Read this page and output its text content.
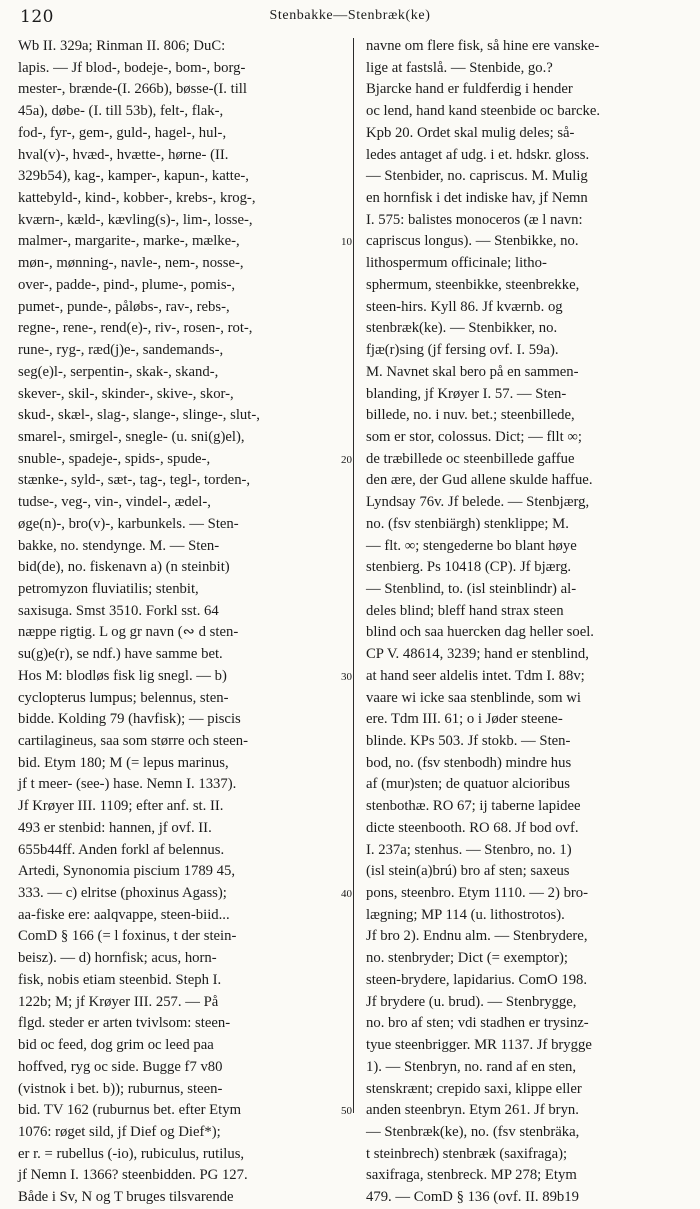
120	Stenbakke—Stenbræk(ke)
Wb II. 329a; Rinman II. 806; DuC:
lapis. — Jf blod-, bodeje-, bom-, borg-
mester-, brænde-(I. 266b), bøsse-(I. till
45a), døbe- (I. till 53b), felt-, flak-,
fod-, fyr-, gem-, guld-, hagel-, hul-,
hval(v)-, hvæd-, hvætte-, hørne- (II.
329b54), kag-, kamper-, kapun-, katte-,
kattebyld-, kind-, kobber-, krebs-, krog-,
kværn-, kæld-, kævling(s)-, lim-, losse-,
malmer-, margarite-, marke-, mælke-,
møn-, mønning-, navle-, nem-, nosse-,
over-, padde-, pind-, plume-, pomis-,
pumet-, punde-, påløbs-, rav-, rebs-,
regne-, rene-, rend(e)-, riv-, rosen-, rot-,
rune-, ryg-, ræd(j)e-, sandemands-,
seg(e)l-, serpentin-, skak-, skand-,
skever-, skil-, skinder-, skive-, skor-,
skud-, skæl-, slag-, slange-, slinge-, slut-,
smarel-, smirgel-, snegle- (u. sni(g)el),
snuble-, spadeje-, spids-, spude-,
stænke-, syld-, sæt-, tag-, tegl-, torden-,
tudse-, veg-, vin-, vindel-, ædel-,
øge(n)-, bro(v)-, karbunkels. — Sten-
bakke, no. stendynge. M. — Sten-
bid(de), no. fiskenavn a) (n steinbit)
petromyzon fluviatilis; stenbit,
saxisuga. Smst 3510. Forkl sst. 64
næppe rigtig. L og gr navn (∾ d sten-
su(g)e(r), se ndf.) have samme bet.
Hos M: blodløs fisk lig snegl. — b)
cyclopterus lumpus; belennus, sten-
bidde. Kolding 79 (havfisk); — piscis
cartilagineus, saa som større och steen-
bid. Etym 180; M (= lepus marinus,
jf t meer- (see-) hase. Nemn I. 1337).
Jf Krøyer III. 1109; efter anf. st. II.
493 er stenbid: hannen, jf ovf. II.
655b44ff. Anden forkl af belennus.
Artedi, Synonomia piscium 1789 45,
333. — c) elritse (phoxinus Agass);
aa-fiske ere: aalqvappe, steen-biid...
ComD § 166 (= l foxinus, t der stein-
beisz). — d) hornfisk; acus, horn-
fisk, nobis etiam steenbid. Steph I.
122b; M; jf Krøyer III. 257. — På
flgd. steder er arten tvivlsom: steen-
bid oc feed, dog grim oc leed paa
hoffved, ryg oc side. Bugge f7 v80
(vistnok i bet. b)); ruburnus, steen-
bid. TV 162 (ruburnus bet. efter Etym
1076: røget sild, jf Dief og Dief*);
er r. = rubellus (-io), rubiculus, rutilus,
jf Nemn I. 1366? steenbidden. PG 127.
Både i Sv, N og T bruges tilsvarende
navne om flere fisk, så hine ere vanske-
lige at fastslå. — Stenbide, go.?
Bjarcke hand er fuldferdig i hender
oc lend, hand kand steenbide oc barcke.
Kpb 20. Ordet skal mulig deles; så-
ledes antaget af udg. i et. hdskr. gloss.
— Stenbider, no. capriscus. M. Mulig
en hornfisk i det indiske hav, jf Nemn
I. 575: balistes monoceros (æ l navn:
capriscus longus). — Stenbikke, no.
lithospermum officinale; litho-
sphermum, steenbikke, steenbrekke,
steen-hirs. Kyll 86. Jf kværnb. og
stenbræk(ke). — Stenbikker, no.
fjæ(r)sing (jf fersing ovf. I. 59a).
M. Navnet skal bero på en sammen-
blanding, jf Krøyer I. 57. — Sten-
billede, no. i nuv. bet.; steenbillede,
som er stor, colossus. Dict; — fllt ∞;
de træbillede oc steenbillede gaffue
den ære, der Gud allene skulde haffue.
Lyndsay 76v. Jf belede. — Stenbjærg,
no. (fsv stenbiärgh) stenklippe; M.
— flt. ∞; stengederne bo blant høye
stenbierg. Ps 10418 (CP). Jf bjærg.
— Stenblind, to. (isl steinblindr) al-
deles blind; bleff hand strax steen
blind och saa huercken dag heller soel.
CP V. 48614, 3239; hand er stenblind,
at hand seer aldelis intet. Tdm I. 88v;
vaare wi icke saa stenblinde, som wi
ere. Tdm III. 61; o i Jøder steene-
blinde. KPs 503. Jf stokb. — Sten-
bod, no. (fsv stenbodh) mindre hus
af (mur)sten; de quatuor alcioribus
stenbothæ. RO 67; ij taberne lapidee
dicte steenbooth. RO 68. Jf bod ovf.
I. 237a; stenhus. — Stenbro, no. 1)
(isl stein(a)brú) bro af sten; saxeus
pons, steenbro. Etym 1110. — 2) bro-
lægning; MP 114 (u. lithostrotos).
Jf bro 2). Endnu alm. — Stenbrydere,
no. stenbryder; Dict (= exemptor);
steen-brydere, lapidarius. ComO 198.
Jf brydere (u. brud). — Stenbrygge,
no. bro af sten; vdi stadhen er trysinz-
tyue steenbrigger. MR 1137. Jf brygge
1). — Stenbryn, no. rand af en sten,
stenskrænt; crepido saxi, klippe eller
anden steenbryn. Etym 261. Jf bryn.
— Stenbræk(ke), no. (fsv stenbräka,
t steinbrech) stenbræk (saxifraga);
saxifraga, stenbreck. MP 278; Etym
479. — ComD § 136 (ovf. II. 89b19
10
20
30
40
50
